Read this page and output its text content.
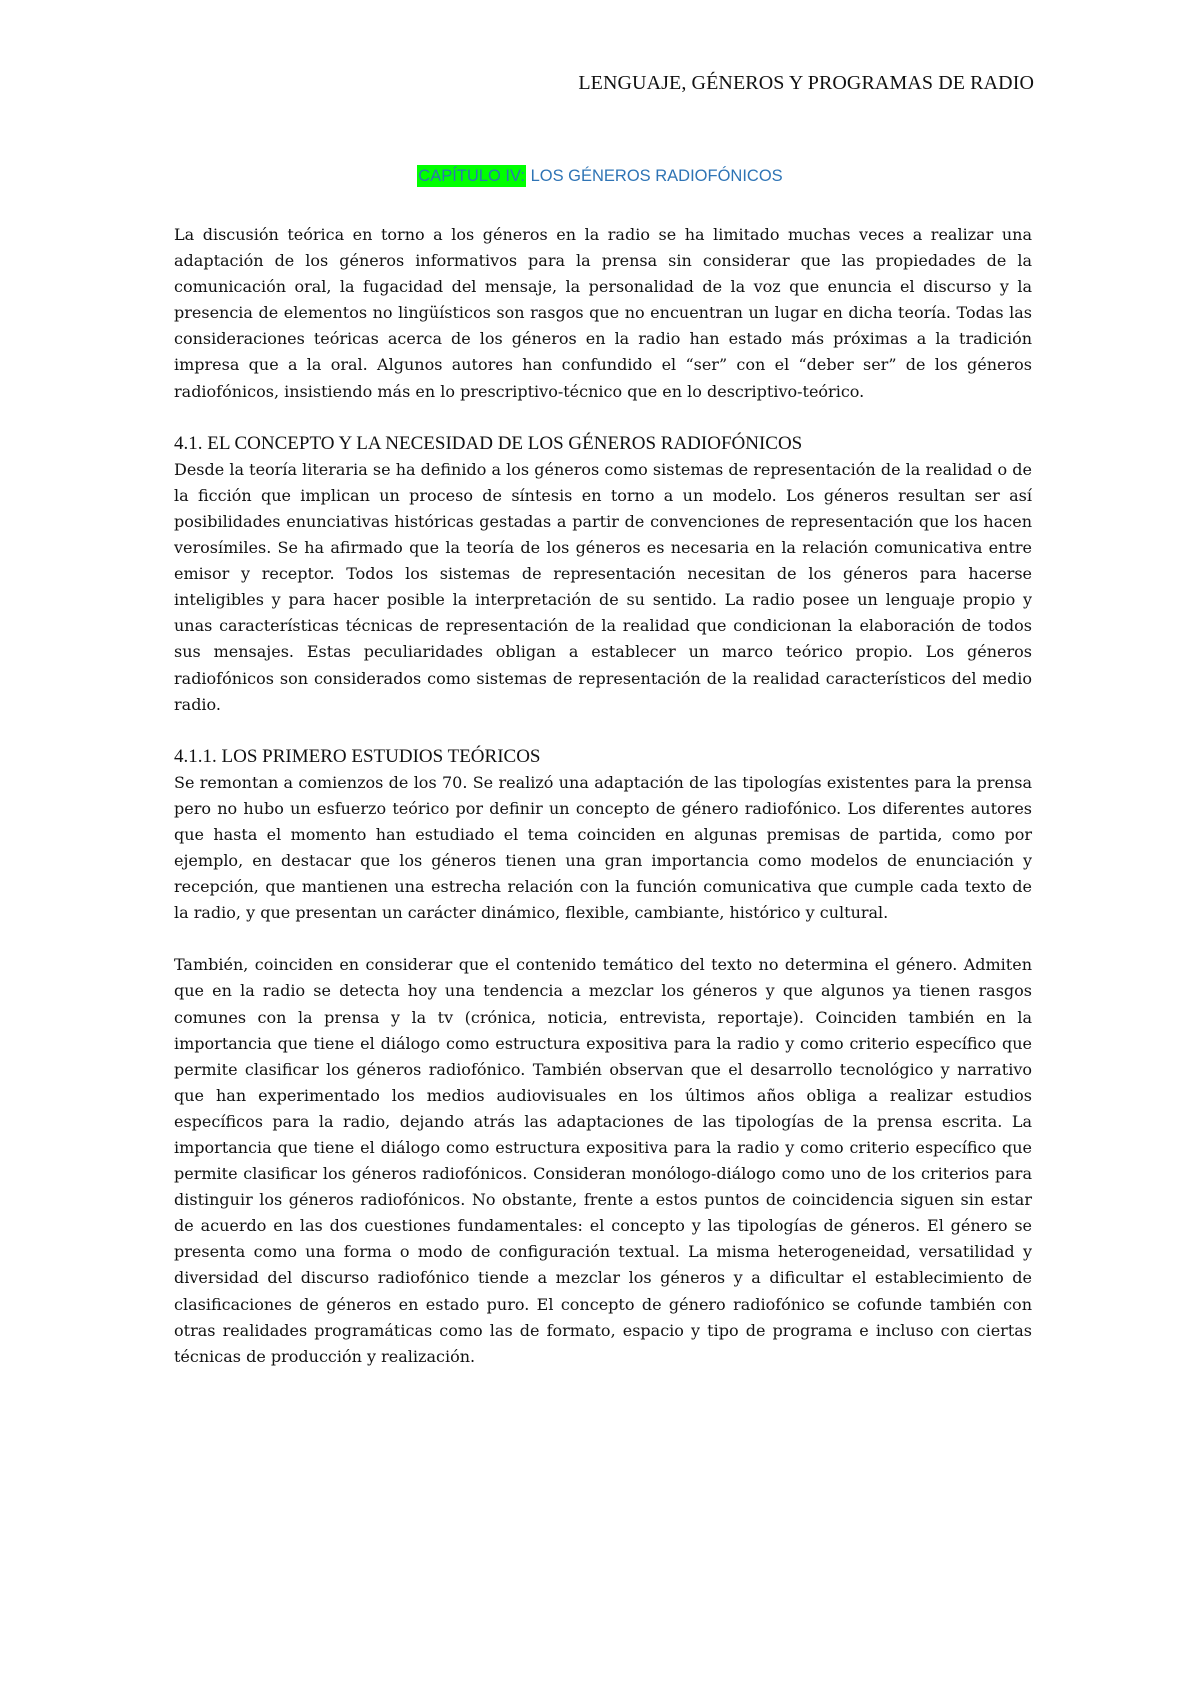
LENGUAJE, GÉNEROS Y PROGRAMAS DE RADIO
CAPÍTULO IV: LOS GÉNEROS RADIOFÓNICOS

La discusión teórica en torno a los géneros en la radio se ha limitado muchas veces a realizar una adaptación de los géneros informativos para la prensa sin considerar que las propiedades de la comunicación oral, la fugacidad del mensaje, la personalidad de la voz que enuncia el discurso y la presencia de elementos no lingüísticos son rasgos que no encuentran un lugar en dicha teoría. Todas las consideraciones teóricas acerca de los géneros en la radio han estado más próximas a la tradición impresa que a la oral. Algunos autores han confundido el “ser” con el “deber ser” de los géneros radiofónicos, insistiendo más en lo prescriptivo-técnico que en lo descriptivo-teórico.

4.1. EL CONCEPTO Y LA NECESIDAD DE LOS GÉNEROS RADIOFÓNICOS

Desde la teoría literaria se ha definido a los géneros como sistemas de representación de la realidad o de la ficción que implican un proceso de síntesis en torno a un modelo. Los géneros resultan ser así posibilidades enunciativas históricas gestadas a partir de convenciones de representación que los hacen verosímiles. Se ha afirmado que la teoría de los géneros es necesaria en la relación comunicativa entre emisor y receptor. Todos los sistemas de representación necesitan de los géneros para hacerse inteligibles y para hacer posible la interpretación de su sentido. La radio posee un lenguaje propio y unas características técnicas de representación de la realidad que condicionan la elaboración de todos sus mensajes. Estas peculiaridades obligan a establecer un marco teórico propio. Los géneros radiofónicos son considerados como sistemas de representación de la realidad característicos del medio radio.

4.1.1. LOS PRIMERO ESTUDIOS TEÓRICOS

Se remontan a comienzos de los 70. Se realizó una adaptación de las tipologías existentes para la prensa pero no hubo un esfuerzo teórico por definir un concepto de género radiofónico. Los diferentes autores que hasta el momento han estudiado el tema coinciden en algunas premisas de partida, como por ejemplo, en destacar que los géneros tienen una gran importancia como modelos de enunciación y recepción, que mantienen una estrecha relación con la función comunicativa que cumple cada texto de la radio, y que presentan un carácter dinámico, flexible, cambiante, histórico y cultural.

También, coinciden en considerar que el contenido temático del texto no determina el género. Admiten que en la radio se detecta hoy una tendencia a mezclar los géneros y que algunos ya tienen rasgos comunes con la prensa y la tv (crónica, noticia, entrevista, reportaje). Coinciden también en la importancia que tiene el diálogo como estructura expositiva para la radio y como criterio específico que permite clasificar los géneros radiofónico. También observan que el desarrollo tecnológico y narrativo que han experimentado los medios audiovisuales en los últimos años obliga a realizar estudios específicos para la radio, dejando atrás las adaptaciones de las tipologías de la prensa escrita. La importancia que tiene el diálogo como estructura expositiva para la radio y como criterio específico que permite clasificar los géneros radiofónicos. Consideran monólogo-diálogo como uno de los criterios para distinguir los géneros radiofónicos. No obstante, frente a estos puntos de coincidencia siguen sin estar de acuerdo en las dos cuestiones fundamentales: el concepto y las tipologías de géneros. El género se presenta como una forma o modo de configuración textual. La misma heterogeneidad, versatilidad y diversidad del discurso radiofónico tiende a mezclar los géneros y a dificultar el establecimiento de clasificaciones de géneros en estado puro. El concepto de género radiofónico se cofunde también con otras realidades programáticas como las de formato, espacio y tipo de programa e incluso con ciertas técnicas de producción y realización.
